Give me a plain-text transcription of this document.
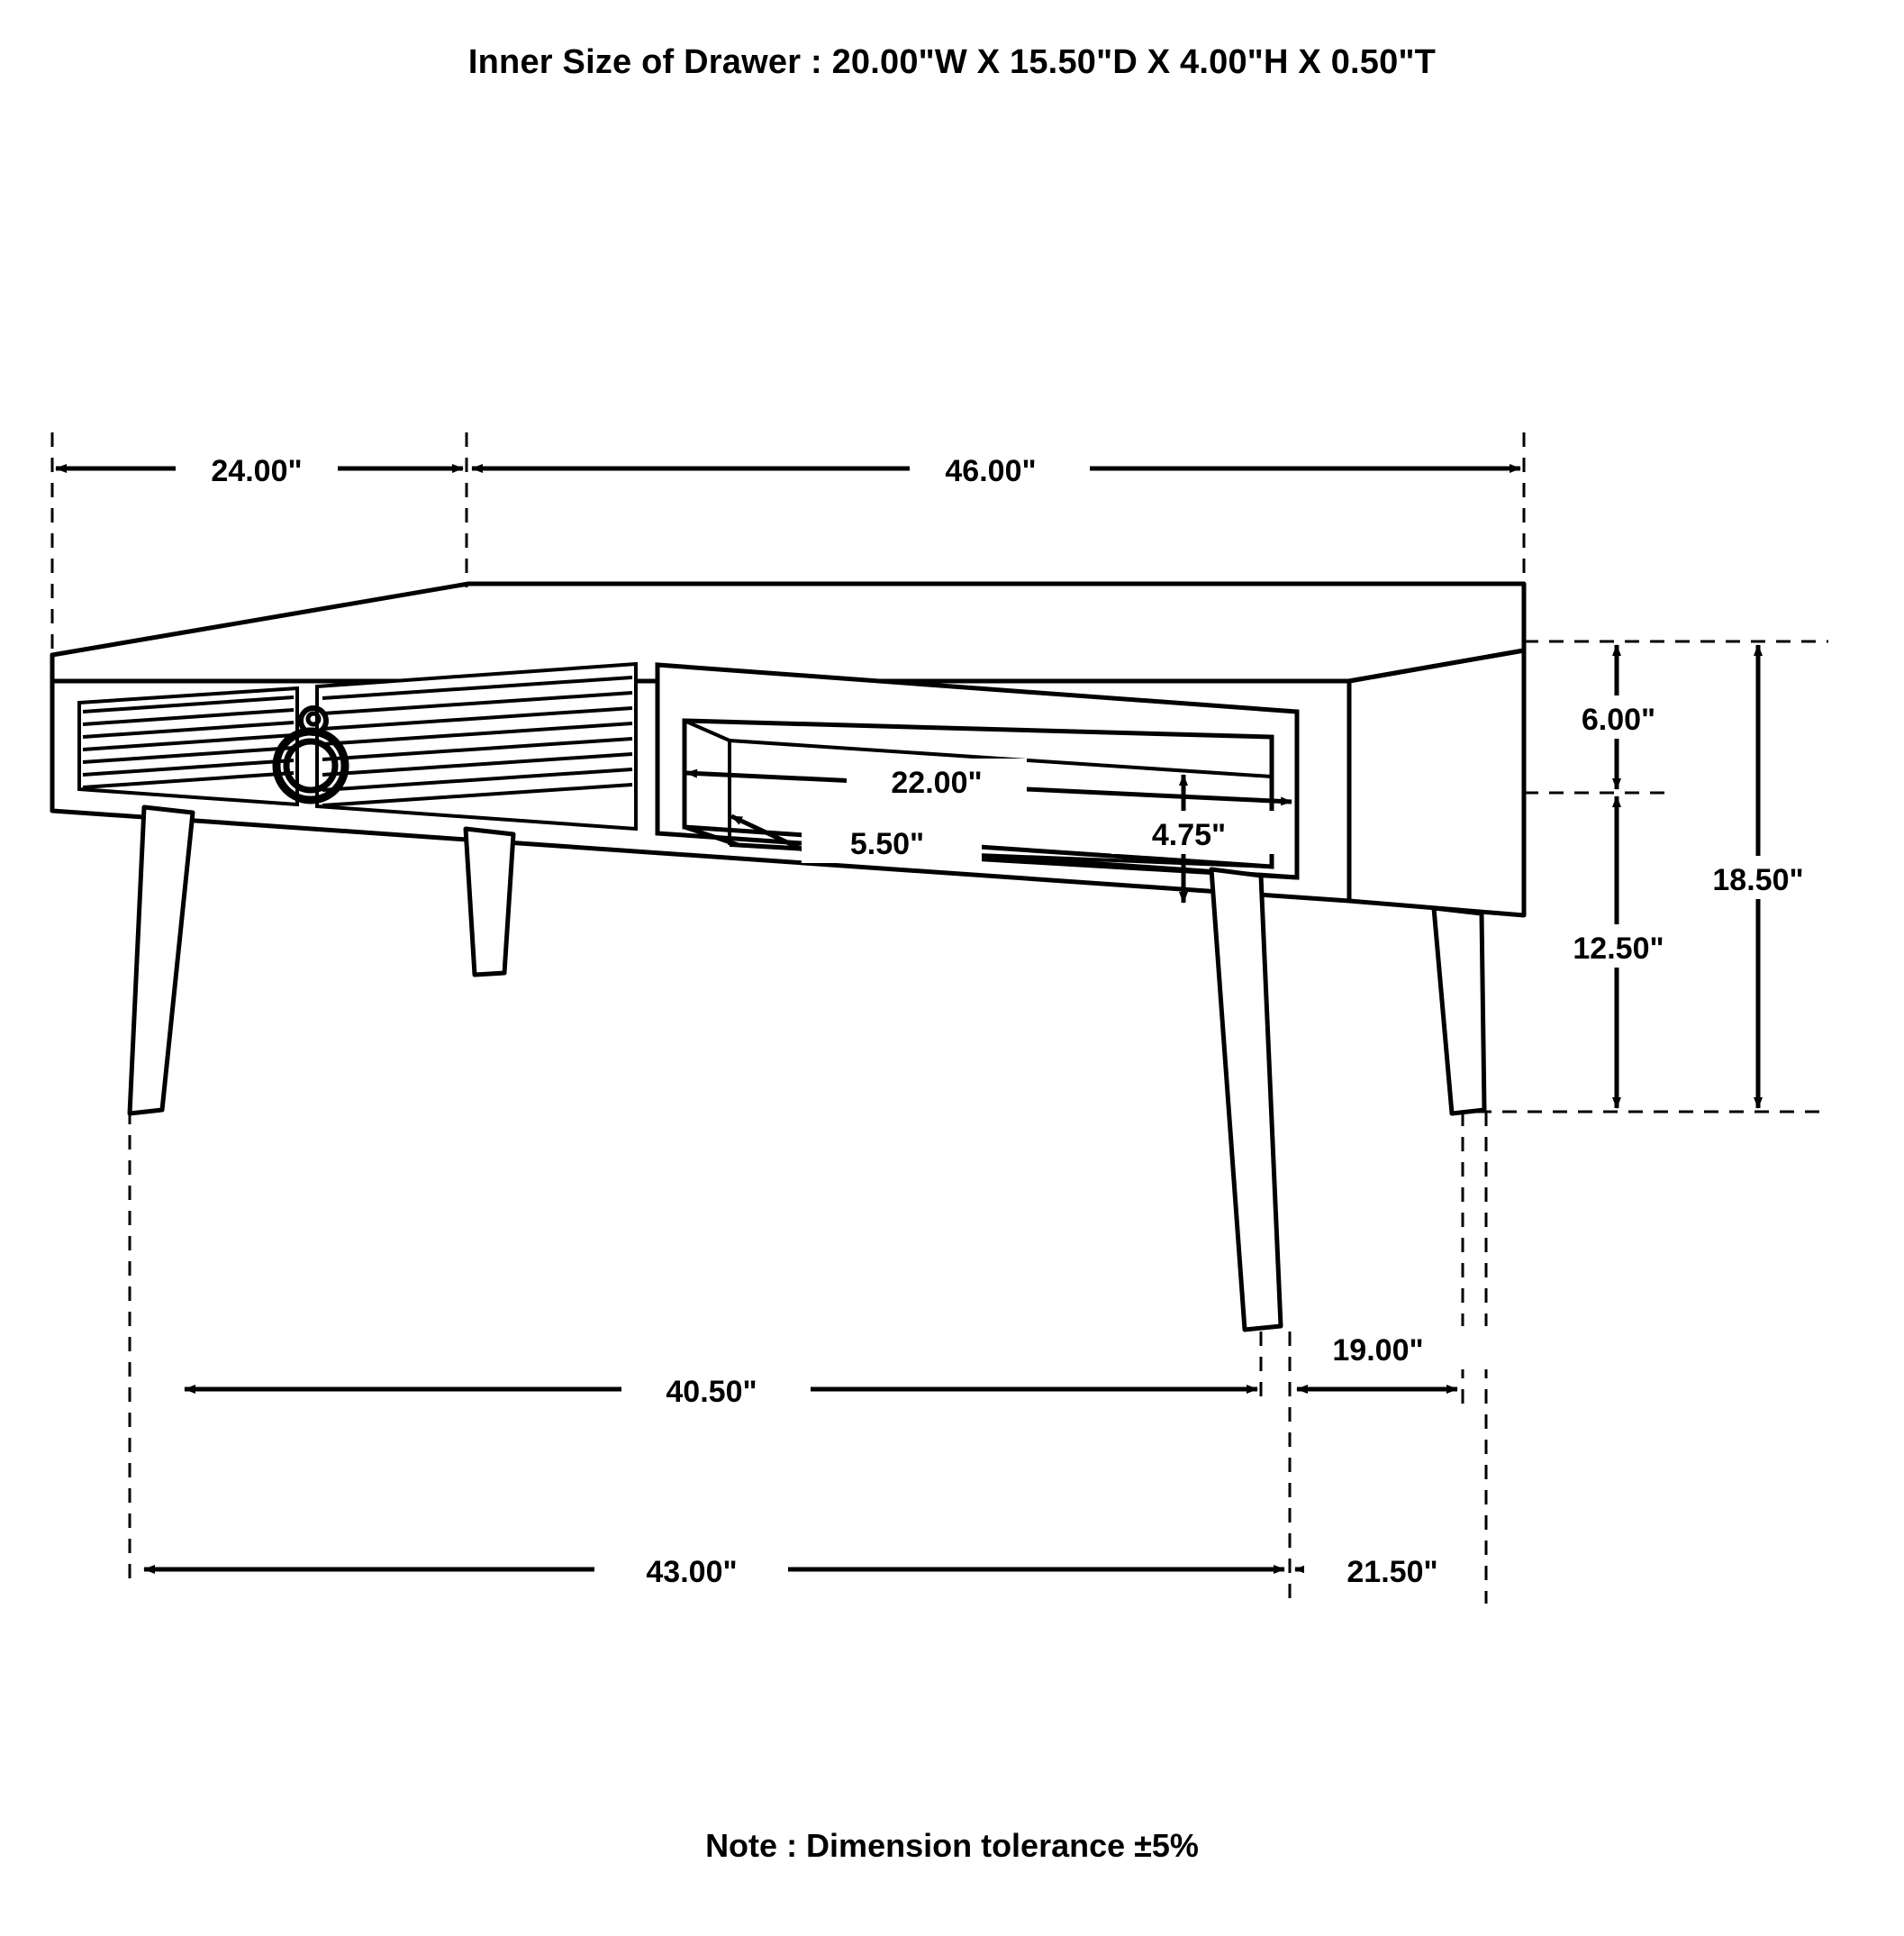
Inner Size of Drawer : 20.00"W X 15.50"D X 4.00"H X 0.50"T
24.00"	46.00"
6.00"
12.50"
18.50"
22.00"
4.75"
5.50"
40.50"
19.00"
43.00"	21.50"
Note : Dimension tolerance ±5%
